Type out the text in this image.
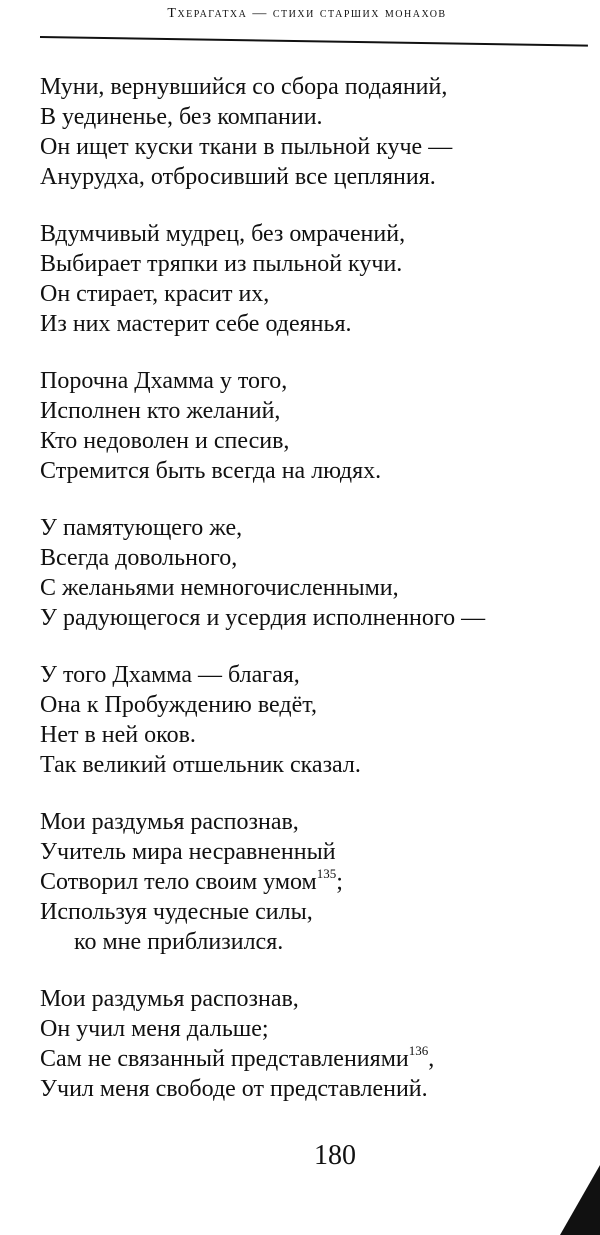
Тхерагатха — стихи старших монахов
Муни, вернувшийся со сбора подаяний,
В уединенье, без компании.
Он ищет куски ткани в пыльной куче —
Анурудха, отбросивший все цепляния.
Вдумчивый мудрец, без омрачений,
Выбирает тряпки из пыльной кучи.
Он стирает, красит их,
Из них мастерит себе одеянья.
Порочна Дхамма у того,
Исполнен кто желаний,
Кто недоволен и спесив,
Стремится быть всегда на людях.
У памятующего же,
Всегда довольного,
С желаньями немногочисленными,
У радующегося и усердия исполненного —
У того Дхамма — благая,
Она к Пробуждению ведёт,
Нет в ней оков.
Так великий отшельник сказал.
Мои раздумья распознав,
Учитель мира несравненный
Сотворил тело своим умом$^{135}$;
Используя чудесные силы,
ко мне приблизился.
Мои раздумья распознав,
Он учил меня дальше;
Сам не связанный представлениями$^{136}$,
Учил меня свободе от представлений.
180
